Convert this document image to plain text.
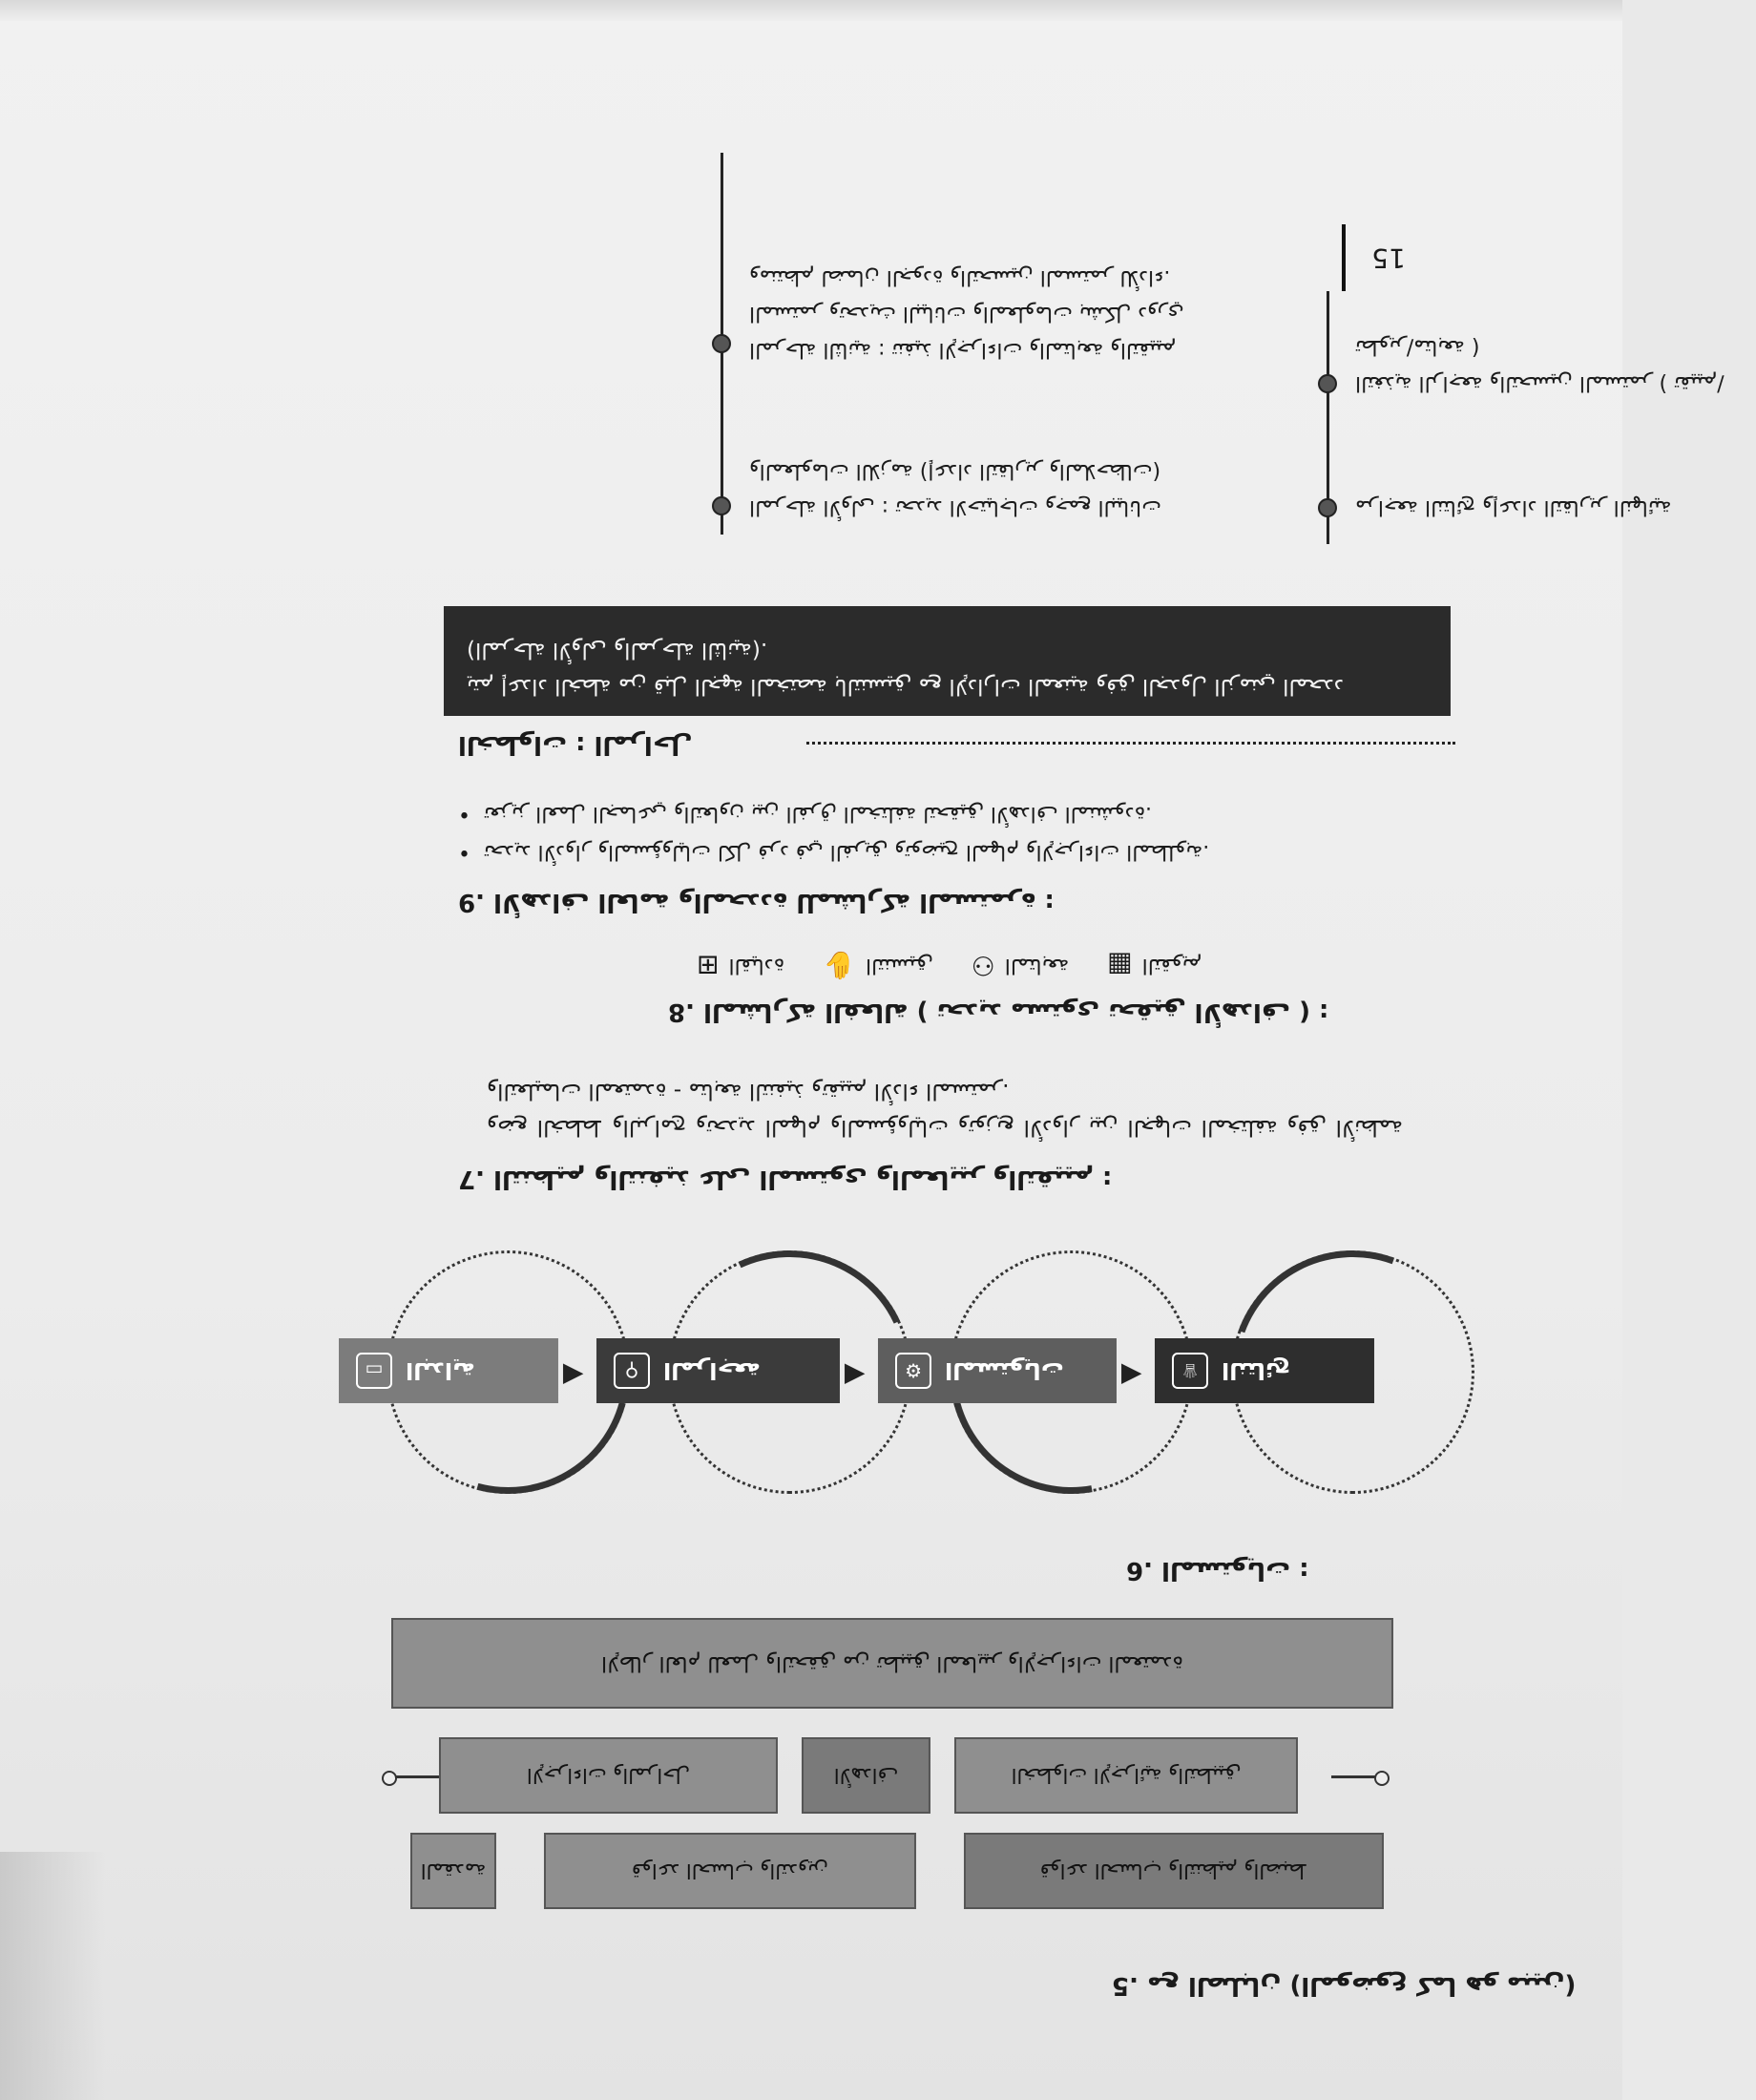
15
5. مع الصلبان (الموضوع كما هو مبين)
المقدمة	قواعد الحساب والتدوين	قواعد الحساب والتنظيم والضبط
الإجراءات والمراحل	الأهداف	الخطوات الإجرائية والتطبيق
الإطار العام للعمل والتحقق من تطبيق المعايير والإجراءات المعتمدة
6. المستويات :
▭ البداية	◀	⚲	المراجعة	◀	⚙	المستويات ◀	♕	النتائج
7. التنظيم والتنفيذ على المستوى والمعايير والتقييم :
وضع الخطط والبرامج وتحديد المهام والمسؤوليات وتوزيع الأدوار بين الجهات المختلفة وفق الأنظمة والتعليمات المعتمدة - متابعة التنفيذ وتقييم الأداء المستمر.
8. المشاركة الفعالة ( تحديد مستوى تحقيق الأهداف ) :
⊞ القيادة ✋ التنسيق ⚇ المتابعة ▦ التقويم
9. الأهداف العامة والمحددة للمشاركة المستمرة :
• تحديد الأدوار والمسؤوليات لكل فرد في الفريق وتوضيح المهام والإجراءات المطلوبة.
• تعزيز العمل الجماعي والتعاون بين الفرق المختلفة لتحقيق الأهداف المنشودة.
الخطوات : المراحل
يتم إعداد الخطة من قبل الجهة المختصة بالتنسيق مع الإدارات المعنية وفق الجدول الزمني المحدد (المرحلة الأولى والمرحلة الثانية).
المرحلة الأولى : تحديد الاحتياجات وجمع البيانات والمعلومات اللازمة (إعداد التقارير والملاحظات)
المرحلة الثانية : تنفيذ الإجراءات والمتابعة والتقييم المستمر وتحديث البيانات والمعلومات بشكل دوري ومنتظم لضمان الجودة والتحسين المستمر للأداء.
مراجعة النتائج وإعداد التقارير النهائية
التغذية الراجعة والتحسين المستمر ( تقييم/تطوير/متابعة )
